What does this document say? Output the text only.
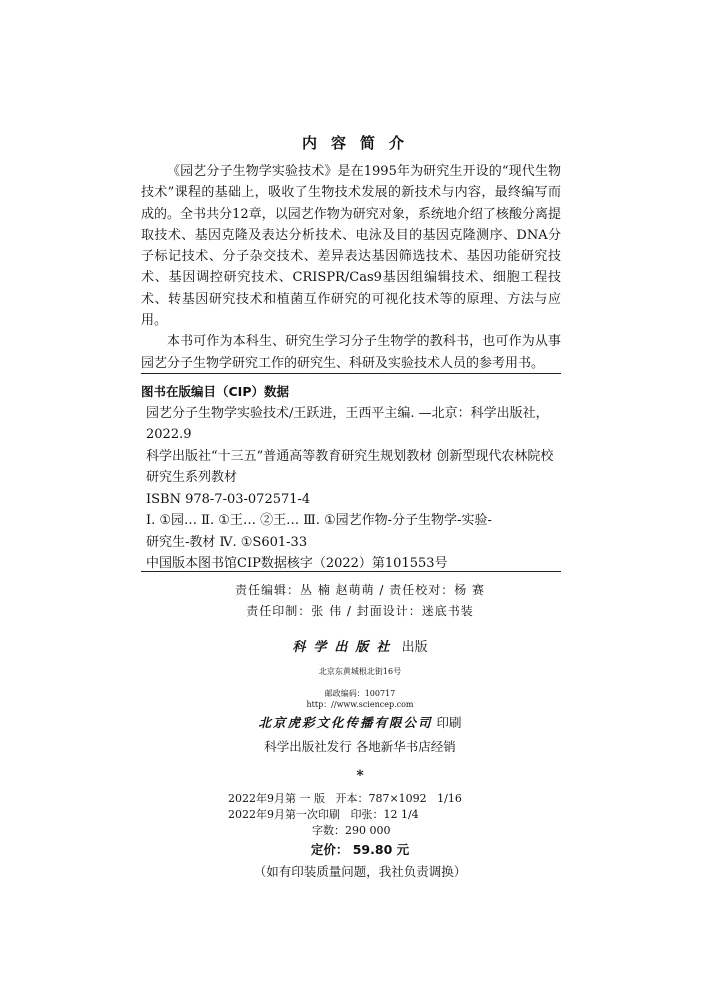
内容简介

《园艺分子生物学实验技术》是在1995年为研究生开设的“现代生物技术”课程的基础上，吸收了生物技术发展的新技术与内容，最终编写而成的。全书共分12章，以园艺作物为研究对象，系统地介绍了核酸分离提取技术、基因克隆及表达分析技术、电泳及目的基因克隆测序、DNA分子标记技术、分子杂交技术、差异表达基因筛选技术、基因功能研究技术、基因调控研究技术、CRISPR/Cas9基因组编辑技术、细胞工程技术、转基因研究技术和植菌互作研究的可视化技术等的原理、方法与应用。

本书可作为本科生、研究生学习分子生物学的教科书，也可作为从事园艺分子生物学研究工作的研究生、科研及实验技术人员的参考用书。

图书在版编目（CIP）数据
园艺分子生物学实验技术/王跃进，王西平主编. —北京：科学出版社，
2022.9
科学出版社“十三五”普通高等教育研究生规划教材 创新型现代农林院校
研究生系列教材
ISBN 978-7-03-072571-4
Ⅰ. ①园… Ⅱ. ①王… ②王… Ⅲ. ①园艺作物-分子生物学-实验-
研究生-教材 Ⅳ. ①S601-33
中国版本图书馆CIP数据核字（2022）第101553号
责任编辑：丛 楠 赵萌萌 / 责任校对：杨 赛
责任印制：张 伟 / 封面设计：迷底书装
科学出版社 出版
北京东黄城根北街16号
邮政编码：100717
http：//www.sciencep.com
北京虎彩文化传播有限公司 印刷
科学出版社发行 各地新华书店经销
*
2022年9月第 一 版   开本：787×1092   1/16
2022年9月第一次印刷   印张：12 1/4
字数：290 000
定价： 59.80 元
（如有印装质量问题，我社负责调换）
